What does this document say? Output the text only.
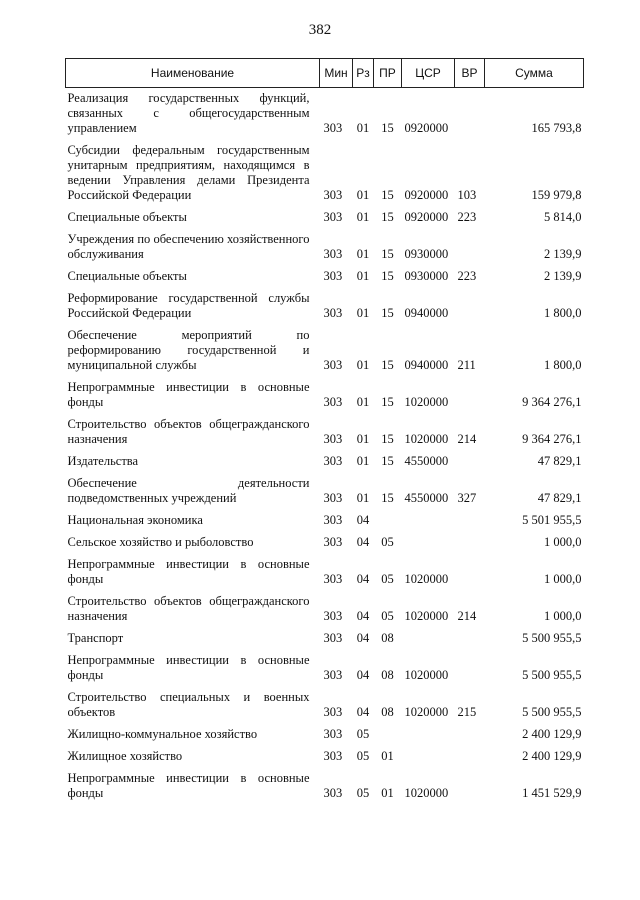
382
Наименование	Мин	Рз	ПР	ЦСР	ВР	Сумма
Реализация государственных функций, связанных с общегосударственным управлением	303	01	15	0920000		165 793,8
Субсидии федеральным государственным унитарным предприятиям, находящимся в ведении Управления делами Президента Российской Федерации	303	01	15	0920000	103	159 979,8
Специальные объекты	303	01	15	0920000	223	5 814,0
Учреждения по обеспечению хозяйственного обслуживания	303	01	15	0930000		2 139,9
Специальные объекты	303	01	15	0930000	223	2 139,9
Реформирование государственной службы Российской Федерации	303	01	15	0940000		1 800,0
Обеспечение мероприятий по реформированию государственной и муниципальной службы	303	01	15	0940000	211	1 800,0
Непрограммные инвестиции в основные фонды	303	01	15	1020000		9 364 276,1
Строительство объектов общегражданского назначения	303	01	15	1020000	214	9 364 276,1
Издательства	303	01	15	4550000		47 829,1
Обеспечение деятельности подведомственных учреждений	303	01	15	4550000	327	47 829,1
Национальная экономика	303	04				5 501 955,5
Сельское хозяйство и рыболовство	303	04	05			1 000,0
Непрограммные инвестиции в основные фонды	303	04	05	1020000		1 000,0
Строительство объектов общегражданского назначения	303	04	05	1020000	214	1 000,0
Транспорт	303	04	08			5 500 955,5
Непрограммные инвестиции в основные фонды	303	04	08	1020000		5 500 955,5
Строительство специальных и военных объектов	303	04	08	1020000	215	5 500 955,5
Жилищно-коммунальное хозяйство	303	05				2 400 129,9
Жилищное хозяйство	303	05	01			2 400 129,9
Непрограммные инвестиции в основные фонды	303	05	01	1020000		1 451 529,9
